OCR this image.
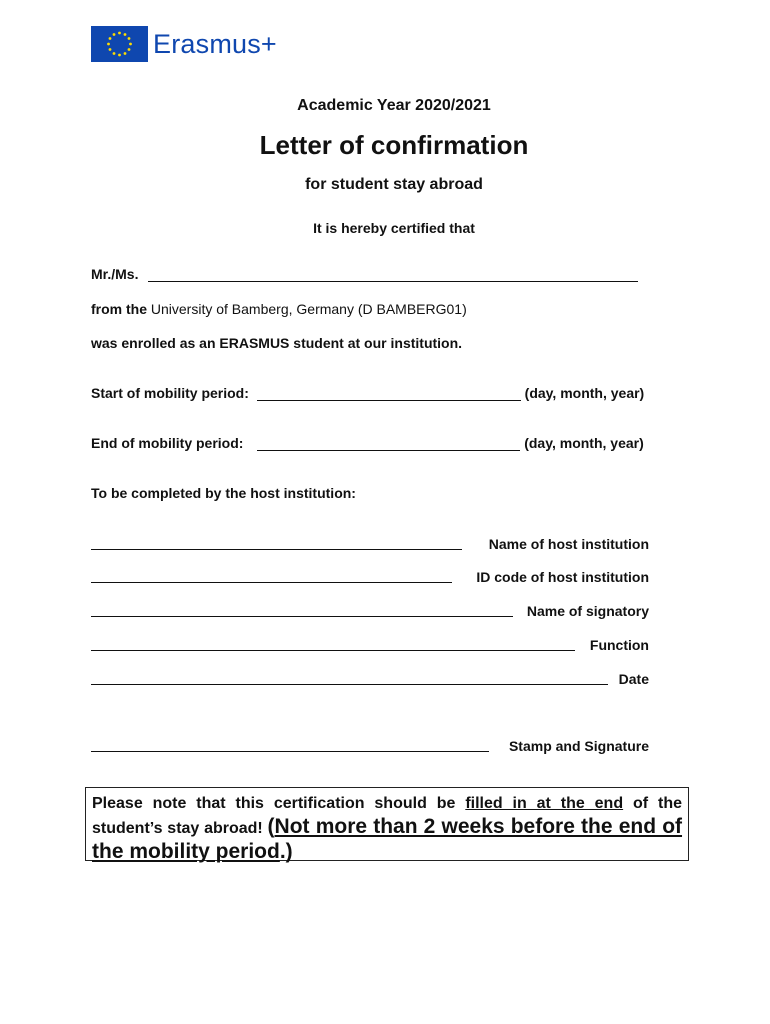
Erasmus+
Academic Year 2020/2021
Letter of confirmation
for student stay abroad
It is hereby certified that
Mr./Ms.
from the University of Bamberg, Germany (D BAMBERG01)
was enrolled as an ERASMUS student at our institution.
Start of mobility period:	(day, month, year)
End of mobility period:	(day, month, year)
To be completed by the host institution:
Name of host institution
ID code of host institution
Name of signatory
Function
Date
Stamp and Signature
Please note that this certification should be filled in at the end of the student’s stay abroad! (Not more than 2 weeks before the end of the mobility period.)
